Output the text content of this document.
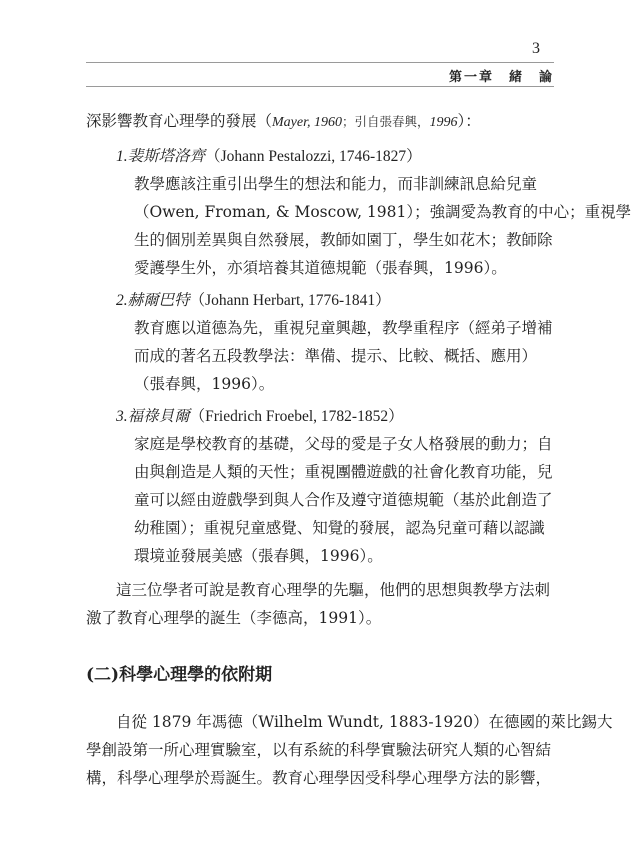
3
第一章　緒　論
深影響教育心理學的發展（Mayer, 1960；引自張春興，1996）：
1.裴斯塔洛齊（Johann Pestalozzi, 1746-1827）
教學應該注重引出學生的想法和能力，而非訓練訊息給兒童
（Owen, Froman, & Moscow, 1981）；強調愛為教育的中心；重視學
生的個別差異與自然發展，教師如園丁，學生如花木；教師除
愛護學生外，亦須培養其道德規範（張春興，1996）。
2.赫爾巴特（Johann Herbart, 1776-1841）
教育應以道德為先，重視兒童興趣，教學重程序（經弟子增補
而成的著名五段教學法：準備、提示、比較、概括、應用）
（張春興，1996）。
3.福祿貝爾（Friedrich Froebel, 1782-1852）
家庭是學校教育的基礎，父母的愛是子女人格發展的動力；自
由與創造是人類的天性；重視團體遊戲的社會化教育功能，兒
童可以經由遊戲學到與人合作及遵守道德規範（基於此創造了
幼稚園）；重視兒童感覺、知覺的發展，認為兒童可藉以認識
環境並發展美感（張春興，1996）。
這三位學者可說是教育心理學的先驅，他們的思想與教學方法刺
激了教育心理學的誕生（李德高，1991）。
(二)科學心理學的依附期
自從 1879 年馮德（Wilhelm Wundt, 1883-1920）在德國的萊比錫大
學創設第一所心理實驗室，以有系統的科學實驗法研究人類的心智結
構，科學心理學於焉誕生。教育心理學因受科學心理學方法的影響，
